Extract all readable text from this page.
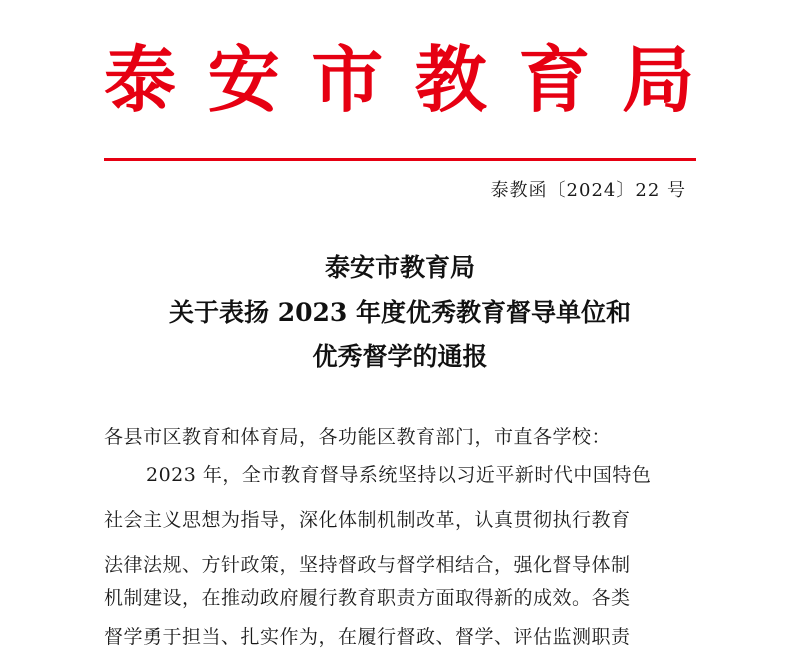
泰 安 市 教 育 局
泰教函〔2024〕22 号
泰安市教育局
关于表扬 2023 年度优秀教育督导单位和
优秀督学的通报
各县市区教育和体育局，各功能区教育部门，市直各学校：
2023 年，全市教育督导系统坚持以习近平新时代中国特色
社会主义思想为指导，深化体制机制改革，认真贯彻执行教育
法律法规、方针政策，坚持督政与督学相结合，强化督导体制
机制建设，在推动政府履行教育职责方面取得新的成效。各类
督学勇于担当、扎实作为，在履行督政、督学、评估监测职责
